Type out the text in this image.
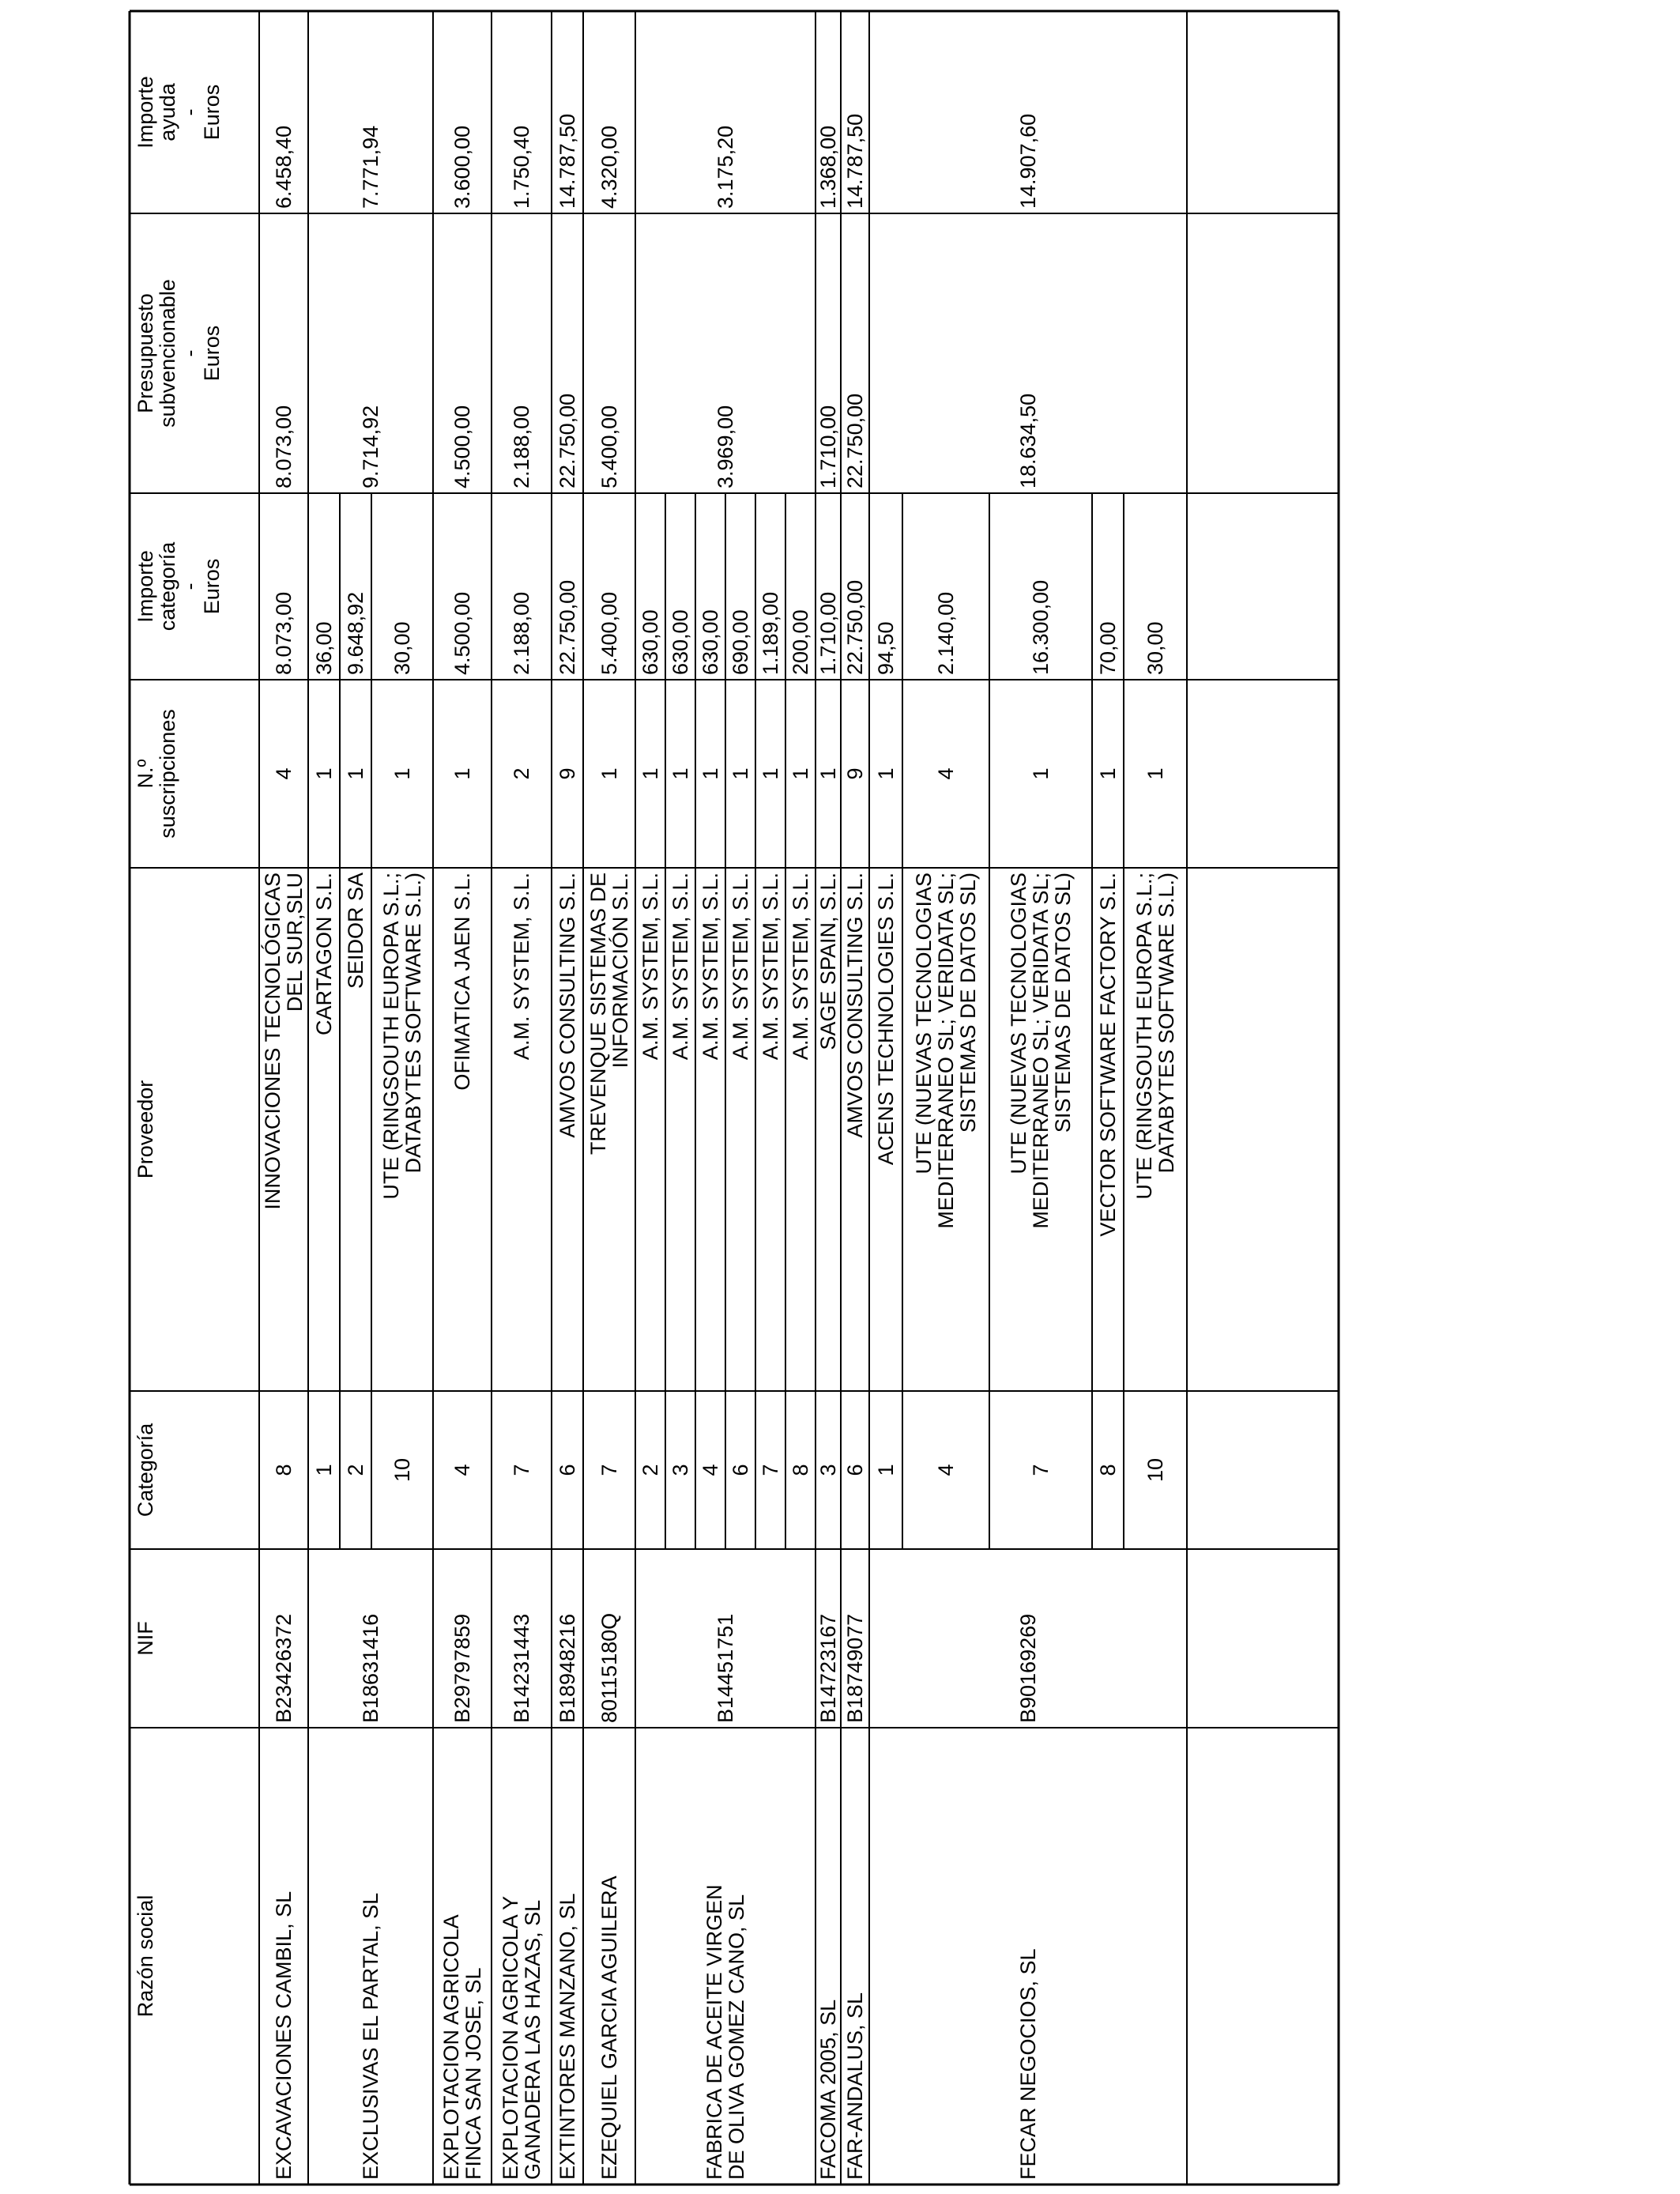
Razón social
NIF
Categoría
Proveedor
N.º
suscripciones
Importe
categoría
-
Euros
Presupuesto
subvencionable
-
Euros
Importe
ayuda
-
Euros
EXCAVACIONES CAMBIL, SL
B23426372
8.073,00
6.458,40
8
INNOVACIONES TECNOLÓGICAS
DEL SUR,SLU
4
8.073,00
EXCLUSIVAS EL PARTAL, SL
B18631416
9.714,92
7.771,94
1
CARTAGON S.L.
1
36,00
2
SEIDOR SA
1
9.648,92
10
UTE (RINGSOUTH EUROPA S.L.;
DATABYTES SOFTWARE S.L.)
1
30,00
EXPLOTACION AGRICOLA
FINCA SAN JOSE, SL
B29797859
4.500,00
3.600,00
4
OFIMATICA JAEN S.L.
1
4.500,00
EXPLOTACION AGRICOLA Y
GANADERA LAS HAZAS, SL
B14231443
2.188,00
1.750,40
7
A.M. SYSTEM, S.L.
2
2.188,00
EXTINTORES MANZANO, SL
B18948216
22.750,00
14.787,50
6
AMVOS CONSULTING S.L.
9
22.750,00
EZEQUIEL GARCIA AGUILERA
80115180Q
5.400,00
4.320,00
7
TREVENQUE SISTEMAS DE
INFORMACIÓN S.L.
1
5.400,00
FABRICA DE ACEITE VIRGEN
DE OLIVA GOMEZ CANO, SL
B14451751
3.969,00
3.175,20
2
A.M. SYSTEM, S.L.
1
630,00
3
A.M. SYSTEM, S.L.
1
630,00
4
A.M. SYSTEM, S.L.
1
630,00
6
A.M. SYSTEM, S.L.
1
690,00
7
A.M. SYSTEM, S.L.
1
1.189,00
8
A.M. SYSTEM, S.L.
1
200,00
FACOMA 2005, SL
B14723167
1.710,00
1.368,00
3
SAGE SPAIN, S.L.
1
1.710,00
FAR-ANDALUS, SL
B18749077
22.750,00
14.787,50
6
AMVOS CONSULTING S.L.
9
22.750,00
FECAR NEGOCIOS, SL
B90169269
18.634,50
14.907,60
1
ACENS TECHNOLOGIES S.L.
1
94,50
4
UTE (NUEVAS TECNOLOGIAS
MEDITERRANEO SL; VERIDATA SL;
SISTEMAS DE DATOS SL)
4
2.140,00
7
UTE (NUEVAS TECNOLOGIAS
MEDITERRANEO SL; VERIDATA SL;
SISTEMAS DE DATOS SL)
1
16.300,00
8
VECTOR SOFTWARE FACTORY S.L.
1
70,00
10
UTE (RINGSOUTH EUROPA S.L.;
DATABYTES SOFTWARE S.L.)
1
30,00
